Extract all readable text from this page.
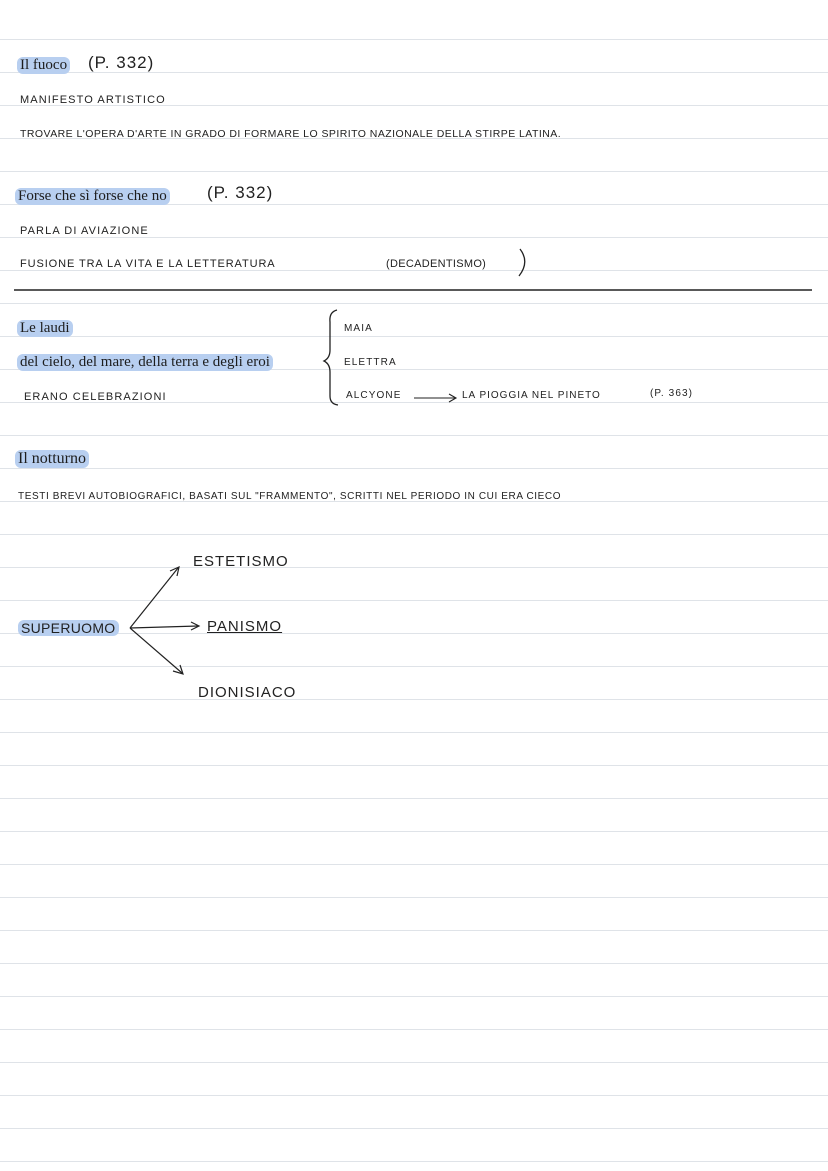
Il fuoco (P. 332)
MANIFESTO ARTISTICO
TROVARE L'OPERA D'ARTE IN GRADO DI FORMARE LO SPIRITO NAZIONALE DELLA STIRPE LATINA.
Forse che sì forse che no (P. 332)
PARLA DI AVIAZIONE
FUSIONE TRA LA VITA E LA LETTERATURA	(DECADENTISMO)
Le laudi
del cielo, del mare, della terra e degli eroi
ERANO CELEBRAZIONI
MAIA
ELETTRA
ALCYONE	LA PIOGGIA NEL PINETO	(P. 363)
Il notturno
TESTI BREVI AUTOBIOGRAFICI, BASATI SUL "FRAMMENTO", SCRITTI NEL PERIODO IN CUI ERA CIECO
SUPERUOMO
ESTETISMO
PANISMO
DIONISIACO
